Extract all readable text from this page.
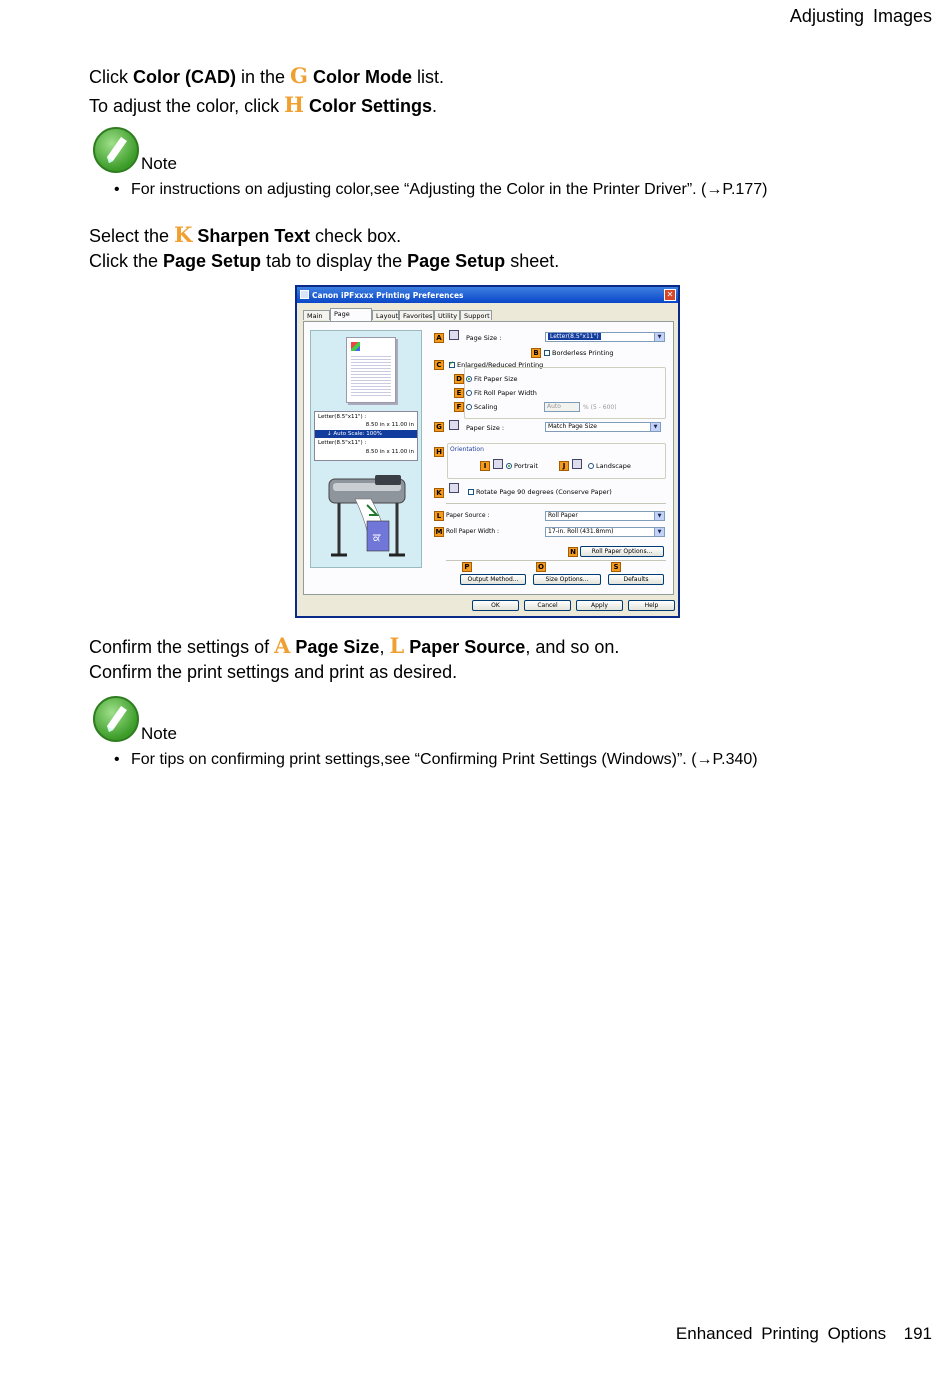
Adjusting Images
Click Color (CAD) in the G Color Mode list.
To adjust the color, click H Color Settings.
Note
• For instructions on adjusting color,see “Adjusting the Color in the Printer Driver”. (→P.177)
Select the K Sharpen Text check box.
Click the Page Setup tab to display the Page Setup sheet.
Canon iPFxxxx Printing Preferences	✕
Main	Page	Layout Favorites Utility	Support
Letter(8.5"x11") :
8.50 in x 11.00 in
↓ Auto Scale: 100%
Letter(8.5"x11") :
8.50 in x 11.00 in
ਕ
A	Page Size :	Letter(8.5"x11")	▼
B	Borderless Printing
C
✓	Enlarged/Reduced Printing
D	Fit Paper Size
E	Fit Roll Paper Width
F	Scaling	Auto	% (5 - 600)
G	Paper Size :	Match Page Size	▼
H	Orientation
I	Portrait	J	Landscape
K	Rotate Page 90 degrees (Conserve Paper)
L Paper Source :	Roll Paper	▼
M Roll Paper Width :	17-in. Roll (431.8mm)	▼
N	Roll Paper Options...
P	O	S
Output Method...	Size Options...	Defaults
OK	Cancel	Apply	Help
Confirm the settings of A Page Size, L Paper Source, and so on.
Confirm the print settings and print as desired.
Note
• For tips on confirming print settings,see “Confirming Print Settings (Windows)”. (→P.340)
Enhanced Printing Options 191
